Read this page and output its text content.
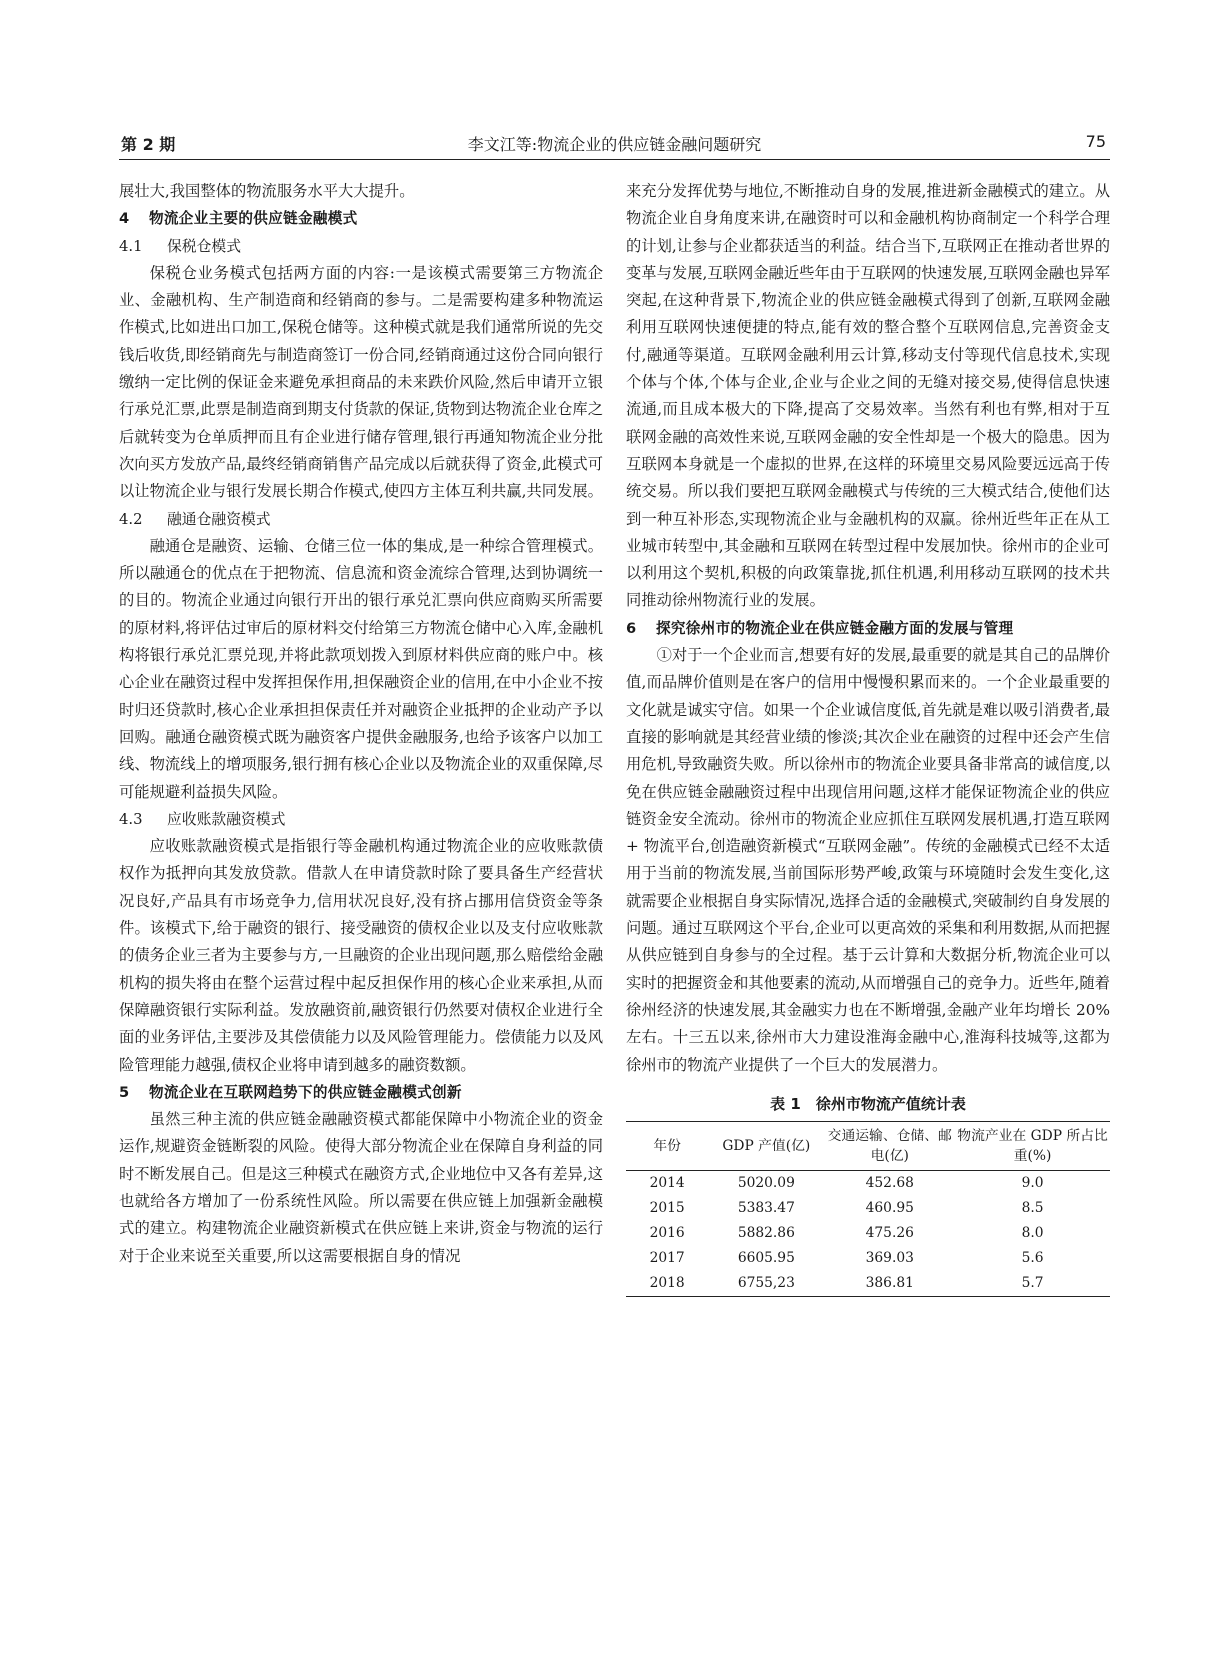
李文江等:物流企业的供应链金融问题研究
第 2 期	75

展壮大,我国整体的物流服务水平大大提升。

4 物流企业主要的供应链金融模式

4.1 保税仓模式

保税仓业务模式包括两方面的内容:一是该模式需要第三方物流企业、金融机构、生产制造商和经销商的参与。二是需要构建多种物流运作模式,比如进出口加工,保税仓储等。这种模式就是我们通常所说的先交钱后收货,即经销商先与制造商签订一份合同,经销商通过这份合同向银行缴纳一定比例的保证金来避免承担商品的未来跌价风险,然后申请开立银行承兑汇票,此票是制造商到期支付货款的保证,货物到达物流企业仓库之后就转变为仓单质押而且有企业进行储存管理,银行再通知物流企业分批次向买方发放产品,最终经销商销售产品完成以后就获得了资金,此模式可以让物流企业与银行发展长期合作模式,使四方主体互利共赢,共同发展。

4.2 融通仓融资模式

融通仓是融资、运输、仓储三位一体的集成,是一种综合管理模式。所以融通仓的优点在于把物流、信息流和资金流综合管理,达到协调统一的目的。物流企业通过向银行开出的银行承兑汇票向供应商购买所需要的原材料,将评估过审后的原材料交付给第三方物流仓储中心入库,金融机构将银行承兑汇票兑现,并将此款项划拨入到原材料供应商的账户中。核心企业在融资过程中发挥担保作用,担保融资企业的信用,在中小企业不按时归还贷款时,核心企业承担担保责任并对融资企业抵押的企业动产予以回购。融通仓融资模式既为融资客户提供金融服务,也给予该客户以加工线、物流线上的增项服务,银行拥有核心企业以及物流企业的双重保障,尽可能规避利益损失风险。

4.3 应收账款融资模式

应收账款融资模式是指银行等金融机构通过物流企业的应收账款债权作为抵押向其发放贷款。借款人在申请贷款时除了要具备生产经营状况良好,产品具有市场竞争力,信用状况良好,没有挤占挪用信贷资金等条件。该模式下,给于融资的银行、接受融资的债权企业以及支付应收账款的债务企业三者为主要参与方,一旦融资的企业出现问题,那么赔偿给金融机构的损失将由在整个运营过程中起反担保作用的核心企业来承担,从而保障融资银行实际利益。发放融资前,融资银行仍然要对债权企业进行全面的业务评估,主要涉及其偿债能力以及风险管理能力。偿债能力以及风险管理能力越强,债权企业将申请到越多的融资数额。

5 物流企业在互联网趋势下的供应链金融模式创新

虽然三种主流的供应链金融融资模式都能保障中小物流企业的资金运作,规避资金链断裂的风险。使得大部分物流企业在保障自身利益的同时不断发展自己。但是这三种模式在融资方式,企业地位中又各有差异,这也就给各方增加了一份系统性风险。所以需要在供应链上加强新金融模式的建立。构建物流企业融资新模式在供应链上来讲,资金与物流的运行对于企业来说至关重要,所以这需要根据自身的情况

来充分发挥优势与地位,不断推动自身的发展,推进新金融模式的建立。从物流企业自身角度来讲,在融资时可以和金融机构协商制定一个科学合理的计划,让参与企业都获适当的利益。结合当下,互联网正在推动者世界的变革与发展,互联网金融近些年由于互联网的快速发展,互联网金融也异军突起,在这种背景下,物流企业的供应链金融模式得到了创新,互联网金融利用互联网快速便捷的特点,能有效的整合整个互联网信息,完善资金支付,融通等渠道。互联网金融利用云计算,移动支付等现代信息技术,实现个体与个体,个体与企业,企业与企业之间的无缝对接交易,使得信息快速流通,而且成本极大的下降,提高了交易效率。当然有利也有弊,相对于互联网金融的高效性来说,互联网金融的安全性却是一个极大的隐患。因为互联网本身就是一个虚拟的世界,在这样的环境里交易风险要远远高于传统交易。所以我们要把互联网金融模式与传统的三大模式结合,使他们达到一种互补形态,实现物流企业与金融机构的双赢。徐州近些年正在从工业城市转型中,其金融和互联网在转型过程中发展加快。徐州市的企业可以利用这个契机,积极的向政策靠拢,抓住机遇,利用移动互联网的技术共同推动徐州物流行业的发展。

6 探究徐州市的物流企业在供应链金融方面的发展与管理

①对于一个企业而言,想要有好的发展,最重要的就是其自己的品牌价值,而品牌价值则是在客户的信用中慢慢积累而来的。一个企业最重要的文化就是诚实守信。如果一个企业诚信度低,首先就是难以吸引消费者,最直接的影响就是其经营业绩的惨淡;其次企业在融资的过程中还会产生信用危机,导致融资失败。所以徐州市的物流企业要具备非常高的诚信度,以免在供应链金融融资过程中出现信用问题,这样才能保证物流企业的供应链资金安全流动。徐州市的物流企业应抓住互联网发展机遇,打造互联网 + 物流平台,创造融资新模式“互联网金融”。传统的金融模式已经不太适用于当前的物流发展,当前国际形势严峻,政策与环境随时会发生变化,这就需要企业根据自身实际情况,选择合适的金融模式,突破制约自身发展的问题。通过互联网这个平台,企业可以更高效的采集和利用数据,从而把握从供应链到自身参与的全过程。基于云计算和大数据分析,物流企业可以实时的把握资金和其他要素的流动,从而增强自己的竞争力。近些年,随着徐州经济的快速发展,其金融实力也在不断增强,金融产业年均增长 20% 左右。十三五以来,徐州市大力建设淮海金融中心,淮海科技城等,这都为徐州市的物流产业提供了一个巨大的发展潜力。

表 1　徐州市物流产值统计表
年份	GDP 产值(亿)	交通运输、仓储、邮电(亿)	物流产业在 GDP 所占比重(%)
2014	5020.09	452.68	9.0
2015	5383.47	460.95	8.5
2016	5882.86	475.26	8.0
2017	6605.95	369.03	5.6
2018	6755,23	386.81	5.7
